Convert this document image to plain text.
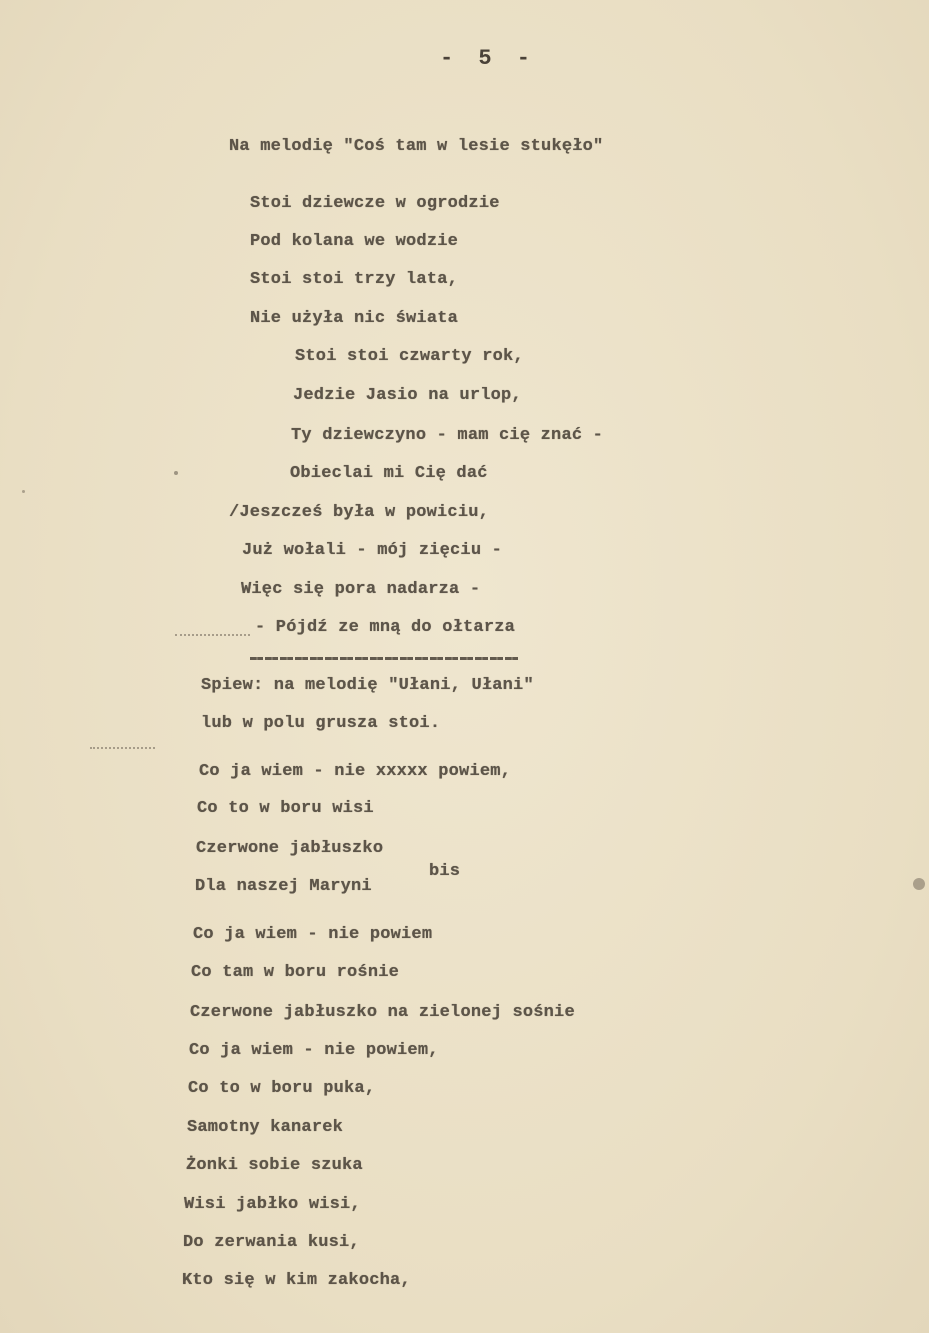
- 5 -
Na melodię "Coś tam w lesie stukęło"
Stoi dziewcze w ogrodzie
Pod kolana we wodzie
Stoi stoi trzy lata,
Nie użyła nic świata
Stoi stoi czwarty rok,
Jedzie Jasio na urlop,
Ty dziewczyno - mam cię znać -
Obieclai mi Cię dać
/Jeszcześ była w powiciu,
Już wołali - mój zięciu -
Więc się pora nadarza -
- Pójdź ze mną do ołtarza
Spiew: na melodię "Ułani, Ułani"
lub w polu grusza stoi.
Co ja wiem - nie xxxxx powiem,
Co to w boru wisi
Czerwone jabłuszko
Dla naszej Maryni
bis
Co ja wiem - nie powiem
Co tam w boru rośnie
Czerwone jabłuszko na zielonej sośnie
Co ja wiem - nie powiem,
Co to w boru puka,
Samotny kanarek
Żonki sobie szuka
Wisi jabłko wisi,
Do zerwania kusi,
Kto się w kim zakocha,
